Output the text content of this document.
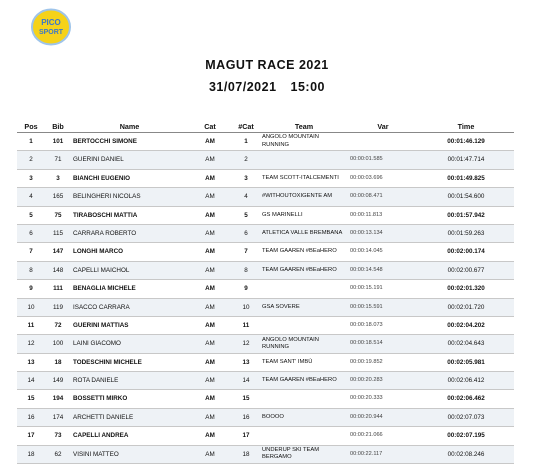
PICO
SPORT
MAGUT RACE 2021
31/07/2021 15:00
Pos	Bib	Name	Cat	#Cat	Team	Var	Time
1	101	BERTOCCHI SIMONE	AM	1	ANGOLO MOUNTAIN RUNNING		00:01:46.129
2	71	GUERINI DANIEL	AM	2		00:00:01.585	00:01:47.714
3	3	BIANCHI EUGENIO	AM	3	TEAM SCOTT-ITALCEMENTI	00:00:03.696	00:01:49.825
4	165	BELINGHERI NICOLAS	AM	4	#WITHOUTOXIGENTE AM	00:00:08.471	00:01:54.600
5	75	TIRABOSCHI MATTIA	AM	5	GS MARINELLI	00:00:11.813	00:01:57.942
6	115	CARRARA ROBERTO	AM	6	ATLETICA VALLE BREMBANA	00:00:13.134	00:01:59.263
7	147	LONGHI MARCO	AM	7	TEAM GAAREN #BEaHERO	00:00:14.045	00:02:00.174
8	148	CAPELLI MAICHOL	AM	8	TEAM GAAREN #BEaHERO	00:00:14.548	00:02:00.677
9	111	BENAGLIA MICHELE	AM	9		00:00:15.191	00:02:01.320
10	119	ISACCO CARRARA	AM	10	GSA SOVERE	00:00:15.591	00:02:01.720
11	72	GUERINI MATTIAS	AM	11		00:00:18.073	00:02:04.202
12	100	LAINI GIACOMO	AM	12	ANGOLO MOUNTAIN RUNNING	00:00:18.514	00:02:04.643
13	18	TODESCHINI MICHELE	AM	13	TEAM SANT' IMBÙ	00:00:19.852	00:02:05.981
14	149	ROTA DANIELE	AM	14	TEAM GAAREN #BEaHERO	00:00:20.283	00:02:06.412
15	194	BOSSETTI MIRKO	AM	15		00:00:20.333	00:02:06.462
16	174	ARCHETTI DANIELE	AM	16	BOOOO	00:00:20.944	00:02:07.073
17	73	CAPELLI ANDREA	AM	17		00:00:21.066	00:02:07.195
18	62	VISINI MATTEO	AM	18	UNDERUP SKI TEAM BERGAMO	00:00:22.117	00:02:08.246
